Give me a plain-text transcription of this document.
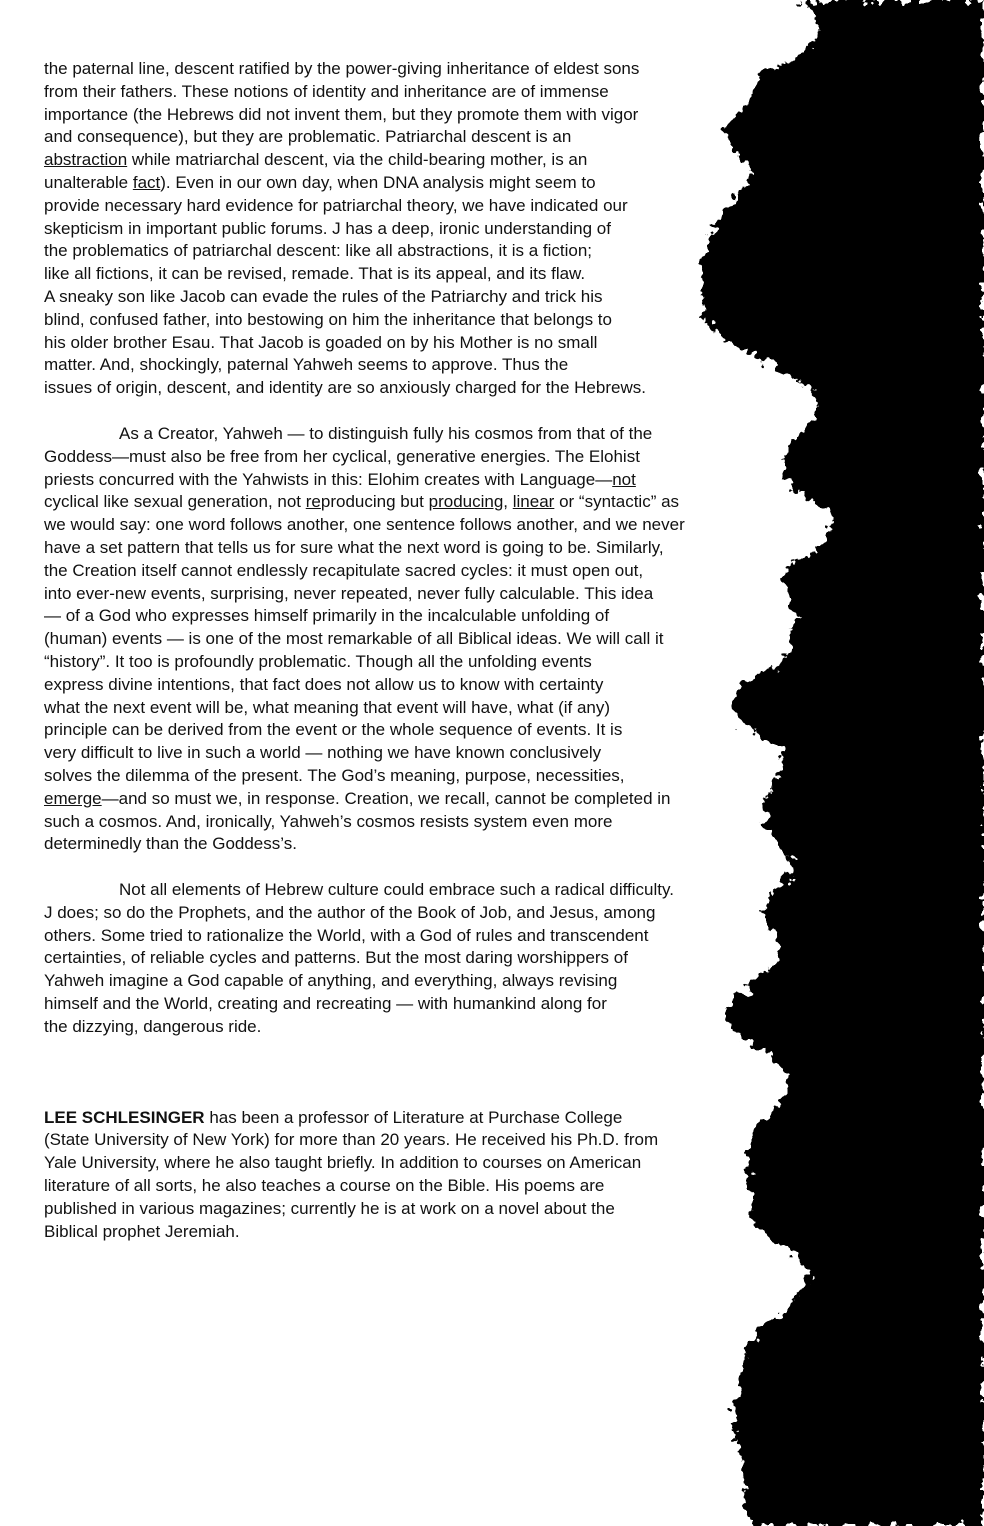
the paternal line, descent ratified by the power-giving inheritance of eldest sons
from their fathers. These notions of identity and inheritance are of immense
importance (the Hebrews did not invent them, but they promote them with vigor
and consequence), but they are problematic. Patriarchal descent is an
abstraction while matriarchal descent, via the child-bearing mother, is an
unalterable fact). Even in our own day, when DNA analysis might seem to
provide necessary hard evidence for patriarchal theory, we have indicated our
skepticism in important public forums. J has a deep, ironic understanding of
the problematics of patriarchal descent: like all abstractions, it is a fiction;
like all fictions, it can be revised, remade. That is its appeal, and its flaw.
A sneaky son like Jacob can evade the rules of the Patriarchy and trick his
blind, confused father, into bestowing on him the inheritance that belongs to
his older brother Esau. That Jacob is goaded on by his Mother is no small
matter. And, shockingly, paternal Yahweh seems to approve. Thus the
issues of origin, descent, and identity are so anxiously charged for the Hebrews.
As a Creator, Yahweh — to distinguish fully his cosmos from that of the
Goddess—must also be free from her cyclical, generative energies. The Elohist
priests concurred with the Yahwists in this: Elohim creates with Language—not
cyclical like sexual generation, not reproducing but producing, linear or “syntactic” as
we would say: one word follows another, one sentence follows another, and we never
have a set pattern that tells us for sure what the next word is going to be. Similarly,
the Creation itself cannot endlessly recapitulate sacred cycles: it must open out,
into ever-new events, surprising, never repeated, never fully calculable. This idea
— of a God who expresses himself primarily in the incalculable unfolding of
(human) events — is one of the most remarkable of all Biblical ideas. We will call it
“history”. It too is profoundly problematic. Though all the unfolding events
express divine intentions, that fact does not allow us to know with certainty
what the next event will be, what meaning that event will have, what (if any)
principle can be derived from the event or the whole sequence of events. It is
very difficult to live in such a world — nothing we have known conclusively
solves the dilemma of the present. The God’s meaning, purpose, necessities,
emerge—and so must we, in response. Creation, we recall, cannot be completed in
such a cosmos. And, ironically, Yahweh’s cosmos resists system even more
determinedly than the Goddess’s.
Not all elements of Hebrew culture could embrace such a radical difficulty.
J does; so do the Prophets, and the author of the Book of Job, and Jesus, among
others. Some tried to rationalize the World, with a God of rules and transcendent
certainties, of reliable cycles and patterns. But the most daring worshippers of
Yahweh imagine a God capable of anything, and everything, always revising
himself and the World, creating and recreating — with humankind along for
the dizzying, dangerous ride.
LEE SCHLESINGER has been a professor of Literature at Purchase College
(State University of New York) for more than 20 years. He received his Ph.D. from
Yale University, where he also taught briefly. In addition to courses on American
literature of all sorts, he also teaches a course on the Bible. His poems are
published in various magazines; currently he is at work on a novel about the
Biblical prophet Jeremiah.
